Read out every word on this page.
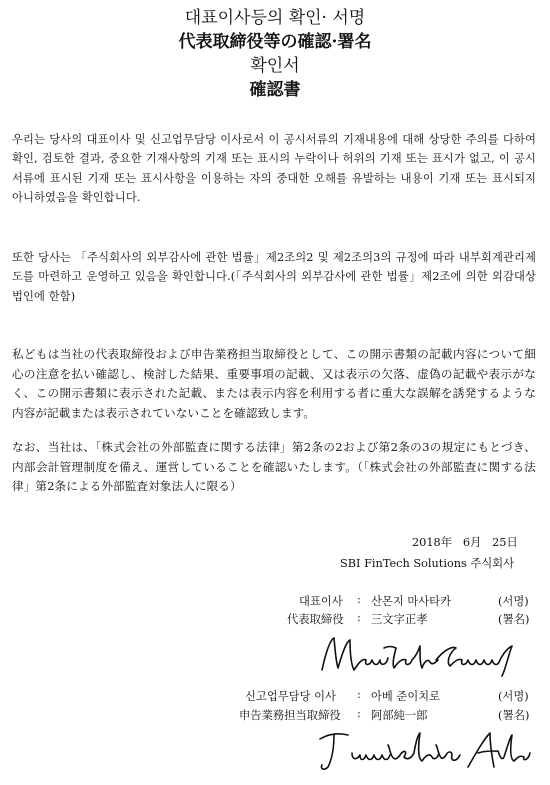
대표이사등의 확인· 서명
代表取締役等の確認·署名
확인서
確認書
우리는 당사의 대표이사 및 신고업무담당 이사로서 이 공시서류의 기재내용에 대해 상당한 주의를 다하여 확인, 검토한 결과, 중요한 기재사항의 기재 또는 표시의 누락이나 허위의 기재 또는 표시가 없고, 이 공시서류에 표시된 기재 또는 표시사항을 이용하는 자의 중대한 오해를 유발하는 내용이 기재 또는 표시되지 아니하였음을 확인합니다.
또한 당사는 「주식회사의 외부감사에 관한 법률」제2조의2 및 제2조의3의 규정에 따라 내부회계관리제도를 마련하고 운영하고 있음을 확인합니다.(「주식회사의 외부감사에 관한 법률」제2조에 의한 외감대상법인에 한함)
私どもは当社の代表取締役および申告業務担当取締役として、この開示書類の記載内容について細心の注意を払い確認し、検討した結果、重要事項の記載、又は表示の欠落、虚偽の記載や表示がなく、この開示書類に表示された記載、または表示内容を利用する者に重大な誤解を誘発するような内容が記載または表示されていないことを確認致します。
なお、当社は、「株式会社の外部監査に関する法律」第2条の2および第2条の3の規定にもとづき、内部会計管理制度を備え、運営していることを確認いたします。（「株式会社の外部監査に関する法律」第2条による外部監査対象法人に限る）
2018年   6月   25日
SBI FinTech Solutions 주식회사
대표이사 : 산몬지 마사타카	(서명)
代表取締役 : 三文字正孝	(署名)
신고업무담당 이사 : 아베 준이치로	(서명)
申告業務担当取締役 : 阿部純一郎	(署名)
